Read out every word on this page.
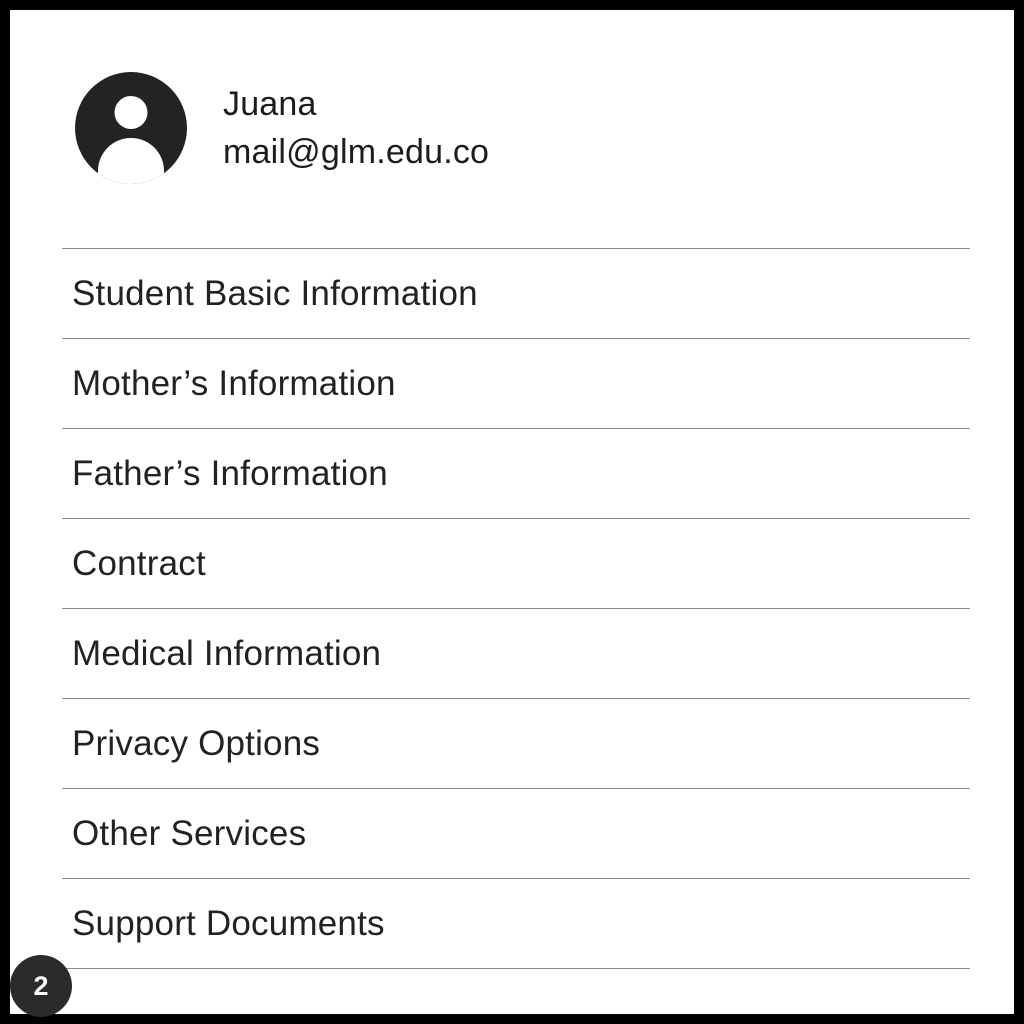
Juana
mail@glm.edu.co
Student Basic Information
Mother’s Information
Father’s Information
Contract
Medical Information
Privacy Options
Other Services
Support Documents
2
